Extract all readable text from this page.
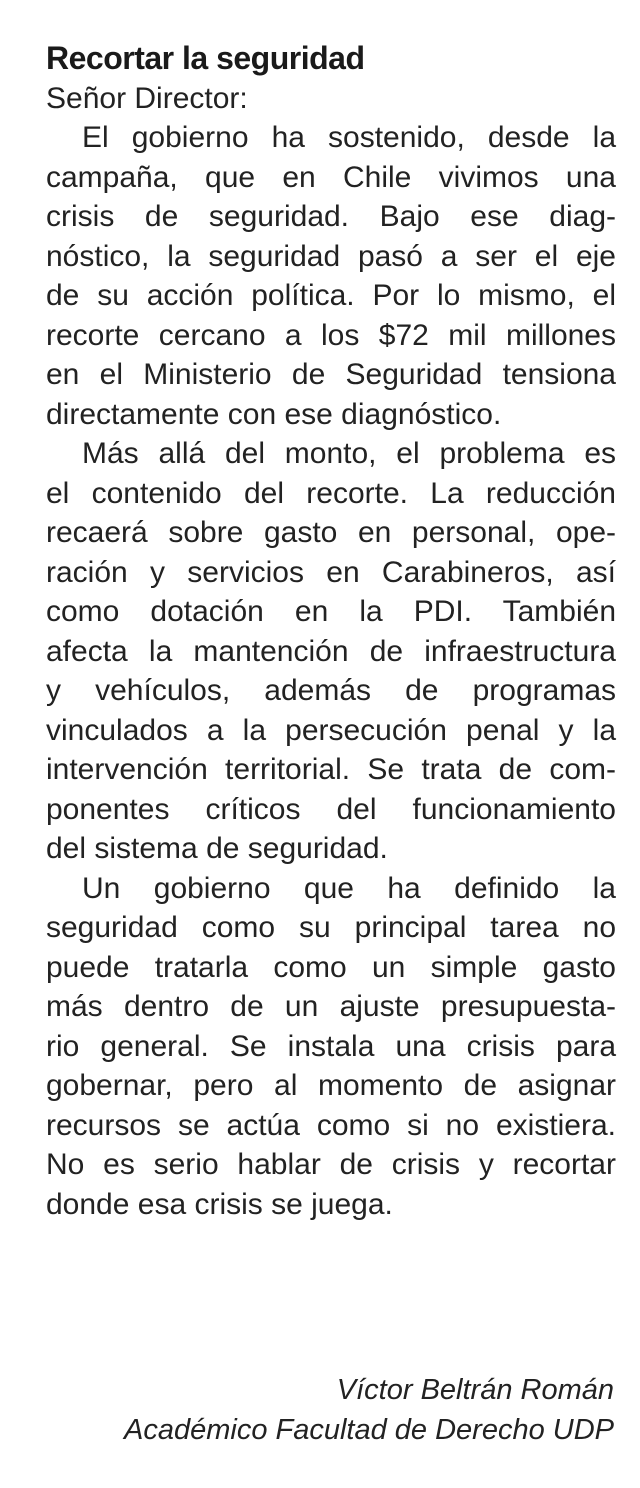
Recortar la seguridad

Señor Director:

El gobierno ha sostenido, desde la
campaña, que en Chile vivimos una
crisis de seguridad. Bajo ese diag-
nóstico, la seguridad pasó a ser el eje
de su acción política. Por lo mismo, el
recorte cercano a los $72 mil millones
en el Ministerio de Seguridad tensiona
directamente con ese diagnóstico.
Más allá del monto, el problema es
el contenido del recorte. La reducción
recaerá sobre gasto en personal, ope-
ración y servicios en Carabineros, así
como dotación en la PDI. También
afecta la mantención de infraestructura
y vehículos, además de programas
vinculados a la persecución penal y la
intervención territorial. Se trata de com-
ponentes críticos del funcionamiento
del sistema de seguridad.
Un gobierno que ha definido la
seguridad como su principal tarea no
puede tratarla como un simple gasto
más dentro de un ajuste presupuesta-
rio general. Se instala una crisis para
gobernar, pero al momento de asignar
recursos se actúa como si no existiera.
No es serio hablar de crisis y recortar
donde esa crisis se juega.
Víctor Beltrán Román
Académico Facultad de Derecho UDP
